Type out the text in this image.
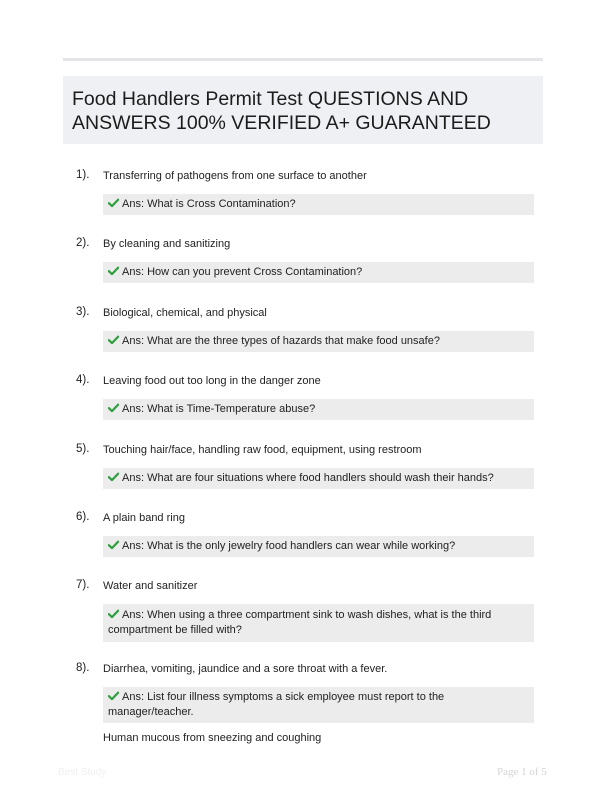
Food Handlers Permit Test QUESTIONS AND ANSWERS 100% VERIFIED A+ GUARANTEED
1). Transferring of pathogens from one surface to another
Ans: What is Cross Contamination?
2). By cleaning and sanitizing
Ans: How can you prevent Cross Contamination?
3). Biological, chemical, and physical
Ans: What are the three types of hazards that make food unsafe?
4). Leaving food out too long in the danger zone
Ans: What is Time-Temperature abuse?
5). Touching hair/face, handling raw food, equipment, using restroom
Ans: What are four situations where food handlers should wash their hands?
6). A plain band ring
Ans: What is the only jewelry food handlers can wear while working?
7). Water and sanitizer
Ans: When using a three compartment sink to wash dishes, what is the third compartment be filled with?
8). Diarrhea, vomiting, jaundice and a sore throat with a fever.
Ans: List four illness symptoms a sick employee must report to the manager/teacher.
Human mucous from sneezing and coughing
Best Study	Page 1 of 5
